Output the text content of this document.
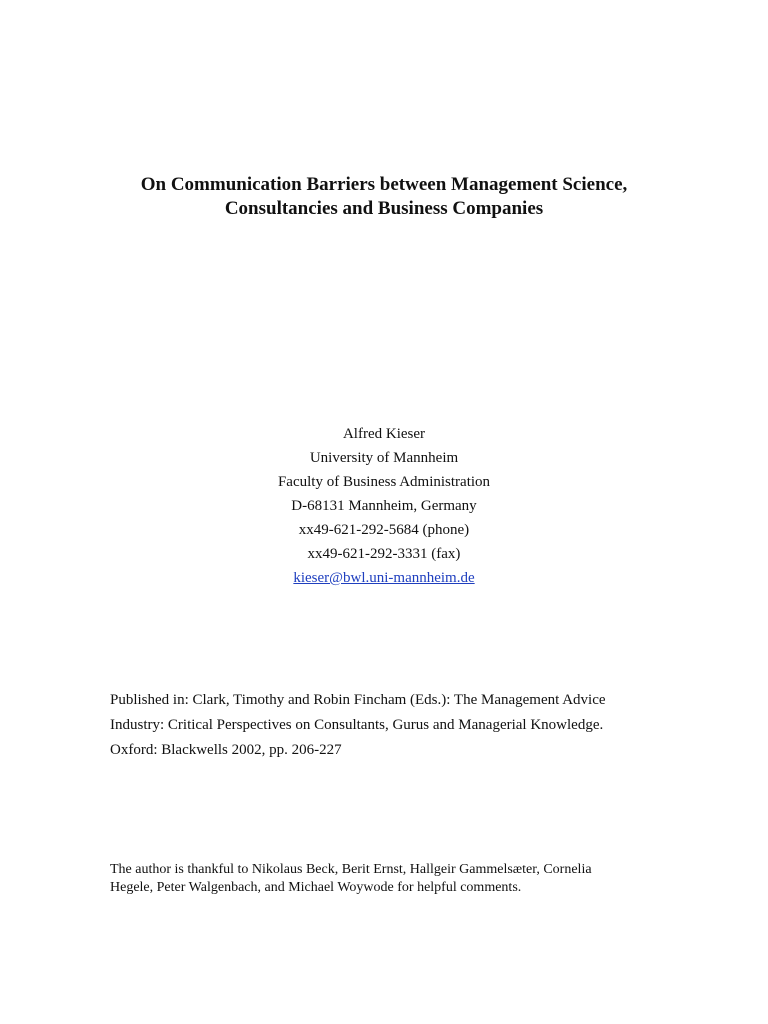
On Communication Barriers between Management Science,
Consultancies and Business Companies
Alfred Kieser
University of Mannheim
Faculty of Business Administration
D-68131 Mannheim, Germany
xx49-621-292-5684 (phone)
xx49-621-292-3331 (fax)
kieser@bwl.uni-mannheim.de
Published in: Clark, Timothy and Robin Fincham (Eds.): The Management Advice
Industry: Critical Perspectives on Consultants, Gurus and Managerial Knowledge.
Oxford: Blackwells 2002, pp. 206-227
The author is thankful to Nikolaus Beck, Berit Ernst, Hallgeir Gammelsæter, Cornelia
Hegele, Peter Walgenbach, and Michael Woywode for helpful comments.
